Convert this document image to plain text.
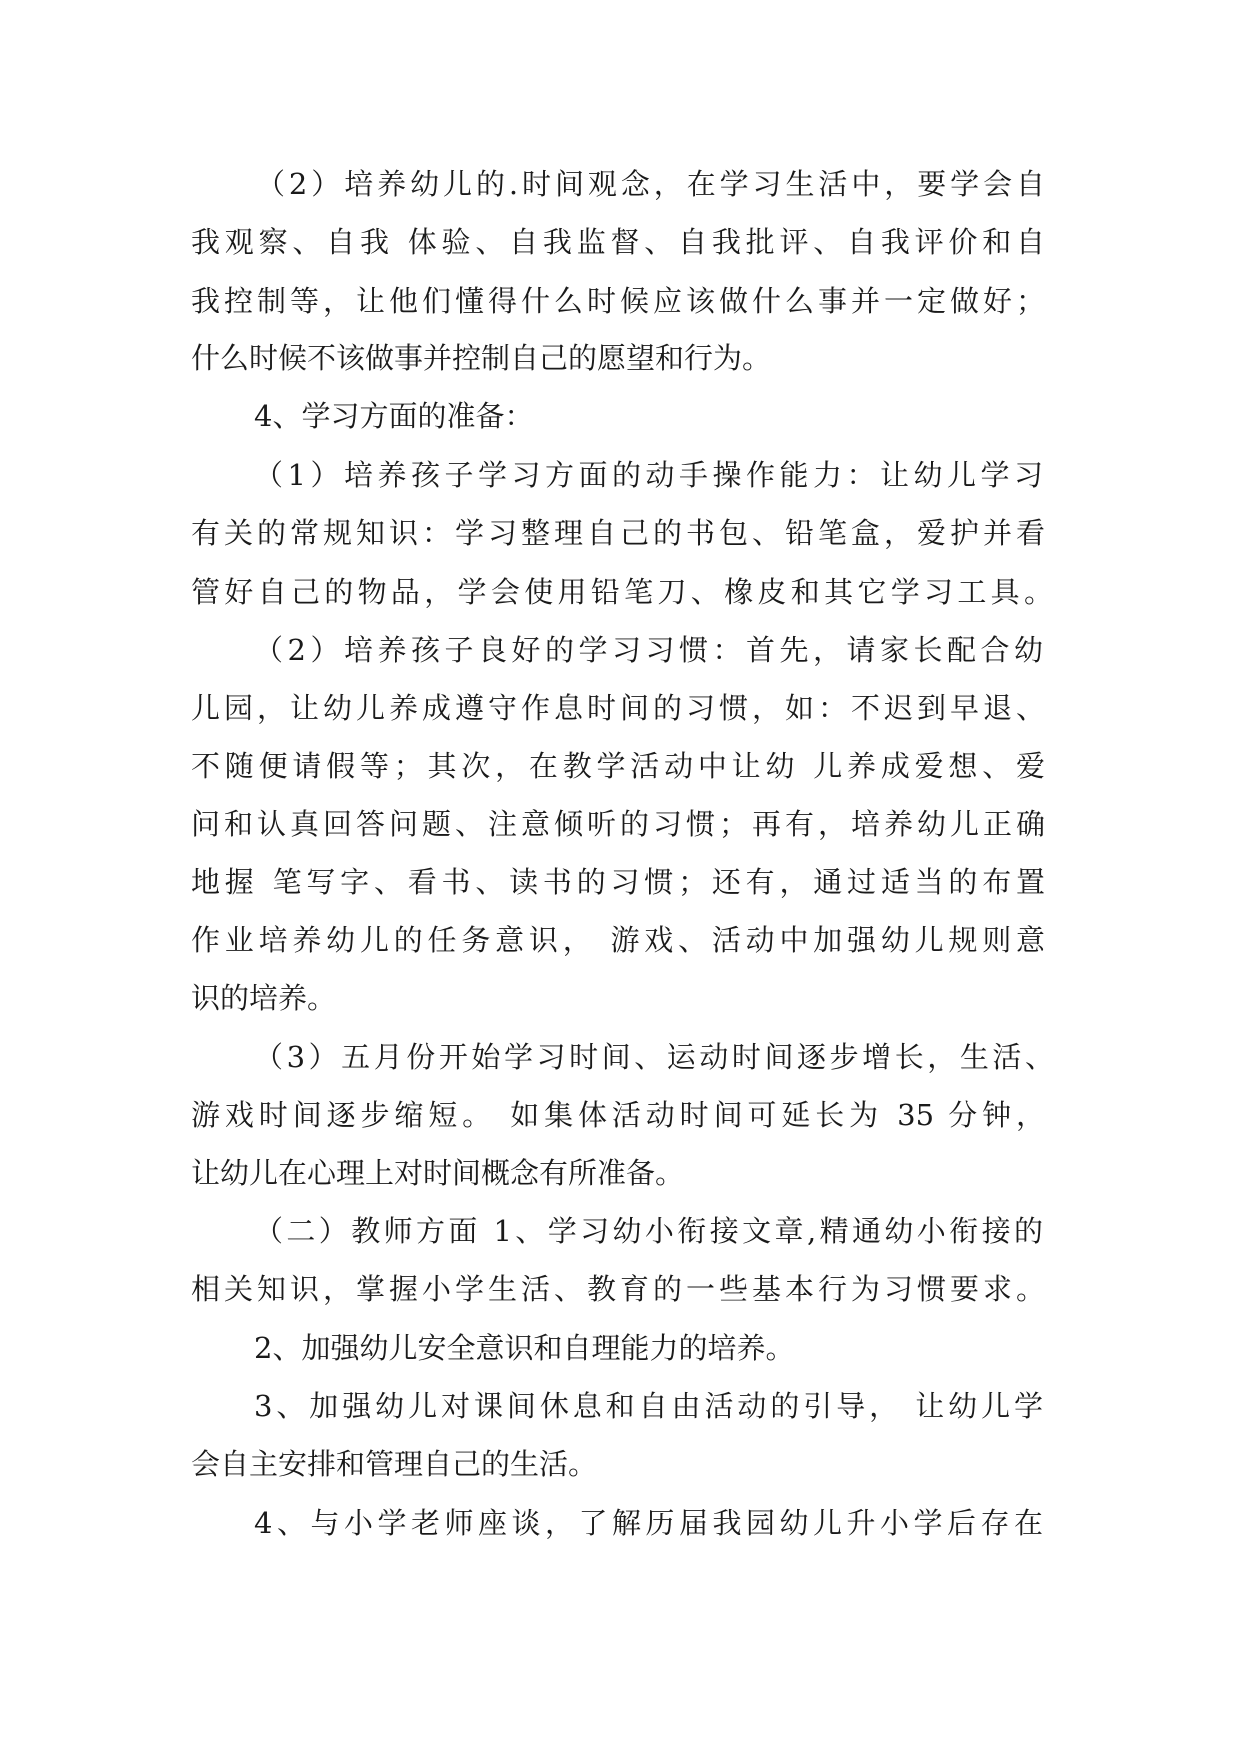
（2）培养幼儿的.时间观念，在学习生活中，要学会自

我观察、自我 体验、自我监督、自我批评、自我评价和自

我控制等，让他们懂得什么时候应该做什么事并一定做好；

什么时候不该做事并控制自己的愿望和行为。

4、学习方面的准备：

（1）培养孩子学习方面的动手操作能力：让幼儿学习

有关的常规知识：学习整理自己的书包、铅笔盒，爱护并看

管好自己的物品，学会使用铅笔刀、橡皮和其它学习工具。

（2）培养孩子良好的学习习惯：首先，请家长配合幼

儿园，让幼儿养成遵守作息时间的习惯，如：不迟到早退、

不随便请假等；其次，在教学活动中让幼 儿养成爱想、爱

问和认真回答问题、注意倾听的习惯；再有，培养幼儿正确

地握 笔写字、看书、读书的习惯；还有，通过适当的布置

作业培养幼儿的任务意识， 游戏、活动中加强幼儿规则意

识的培养。

（3）五月份开始学习时间、运动时间逐步增长，生活、

游戏时间逐步缩短。 如集体活动时间可延长为 35 分钟，

让幼儿在心理上对时间概念有所准备。

（二）教师方面 1、学习幼小衔接文章,精通幼小衔接的

相关知识，掌握小学生活、教育的一些基本行为习惯要求。

2、加强幼儿安全意识和自理能力的培养。

3、加强幼儿对课间休息和自由活动的引导， 让幼儿学

会自主安排和管理自己的生活。

4、与小学老师座谈，了解历届我园幼儿升小学后存在
